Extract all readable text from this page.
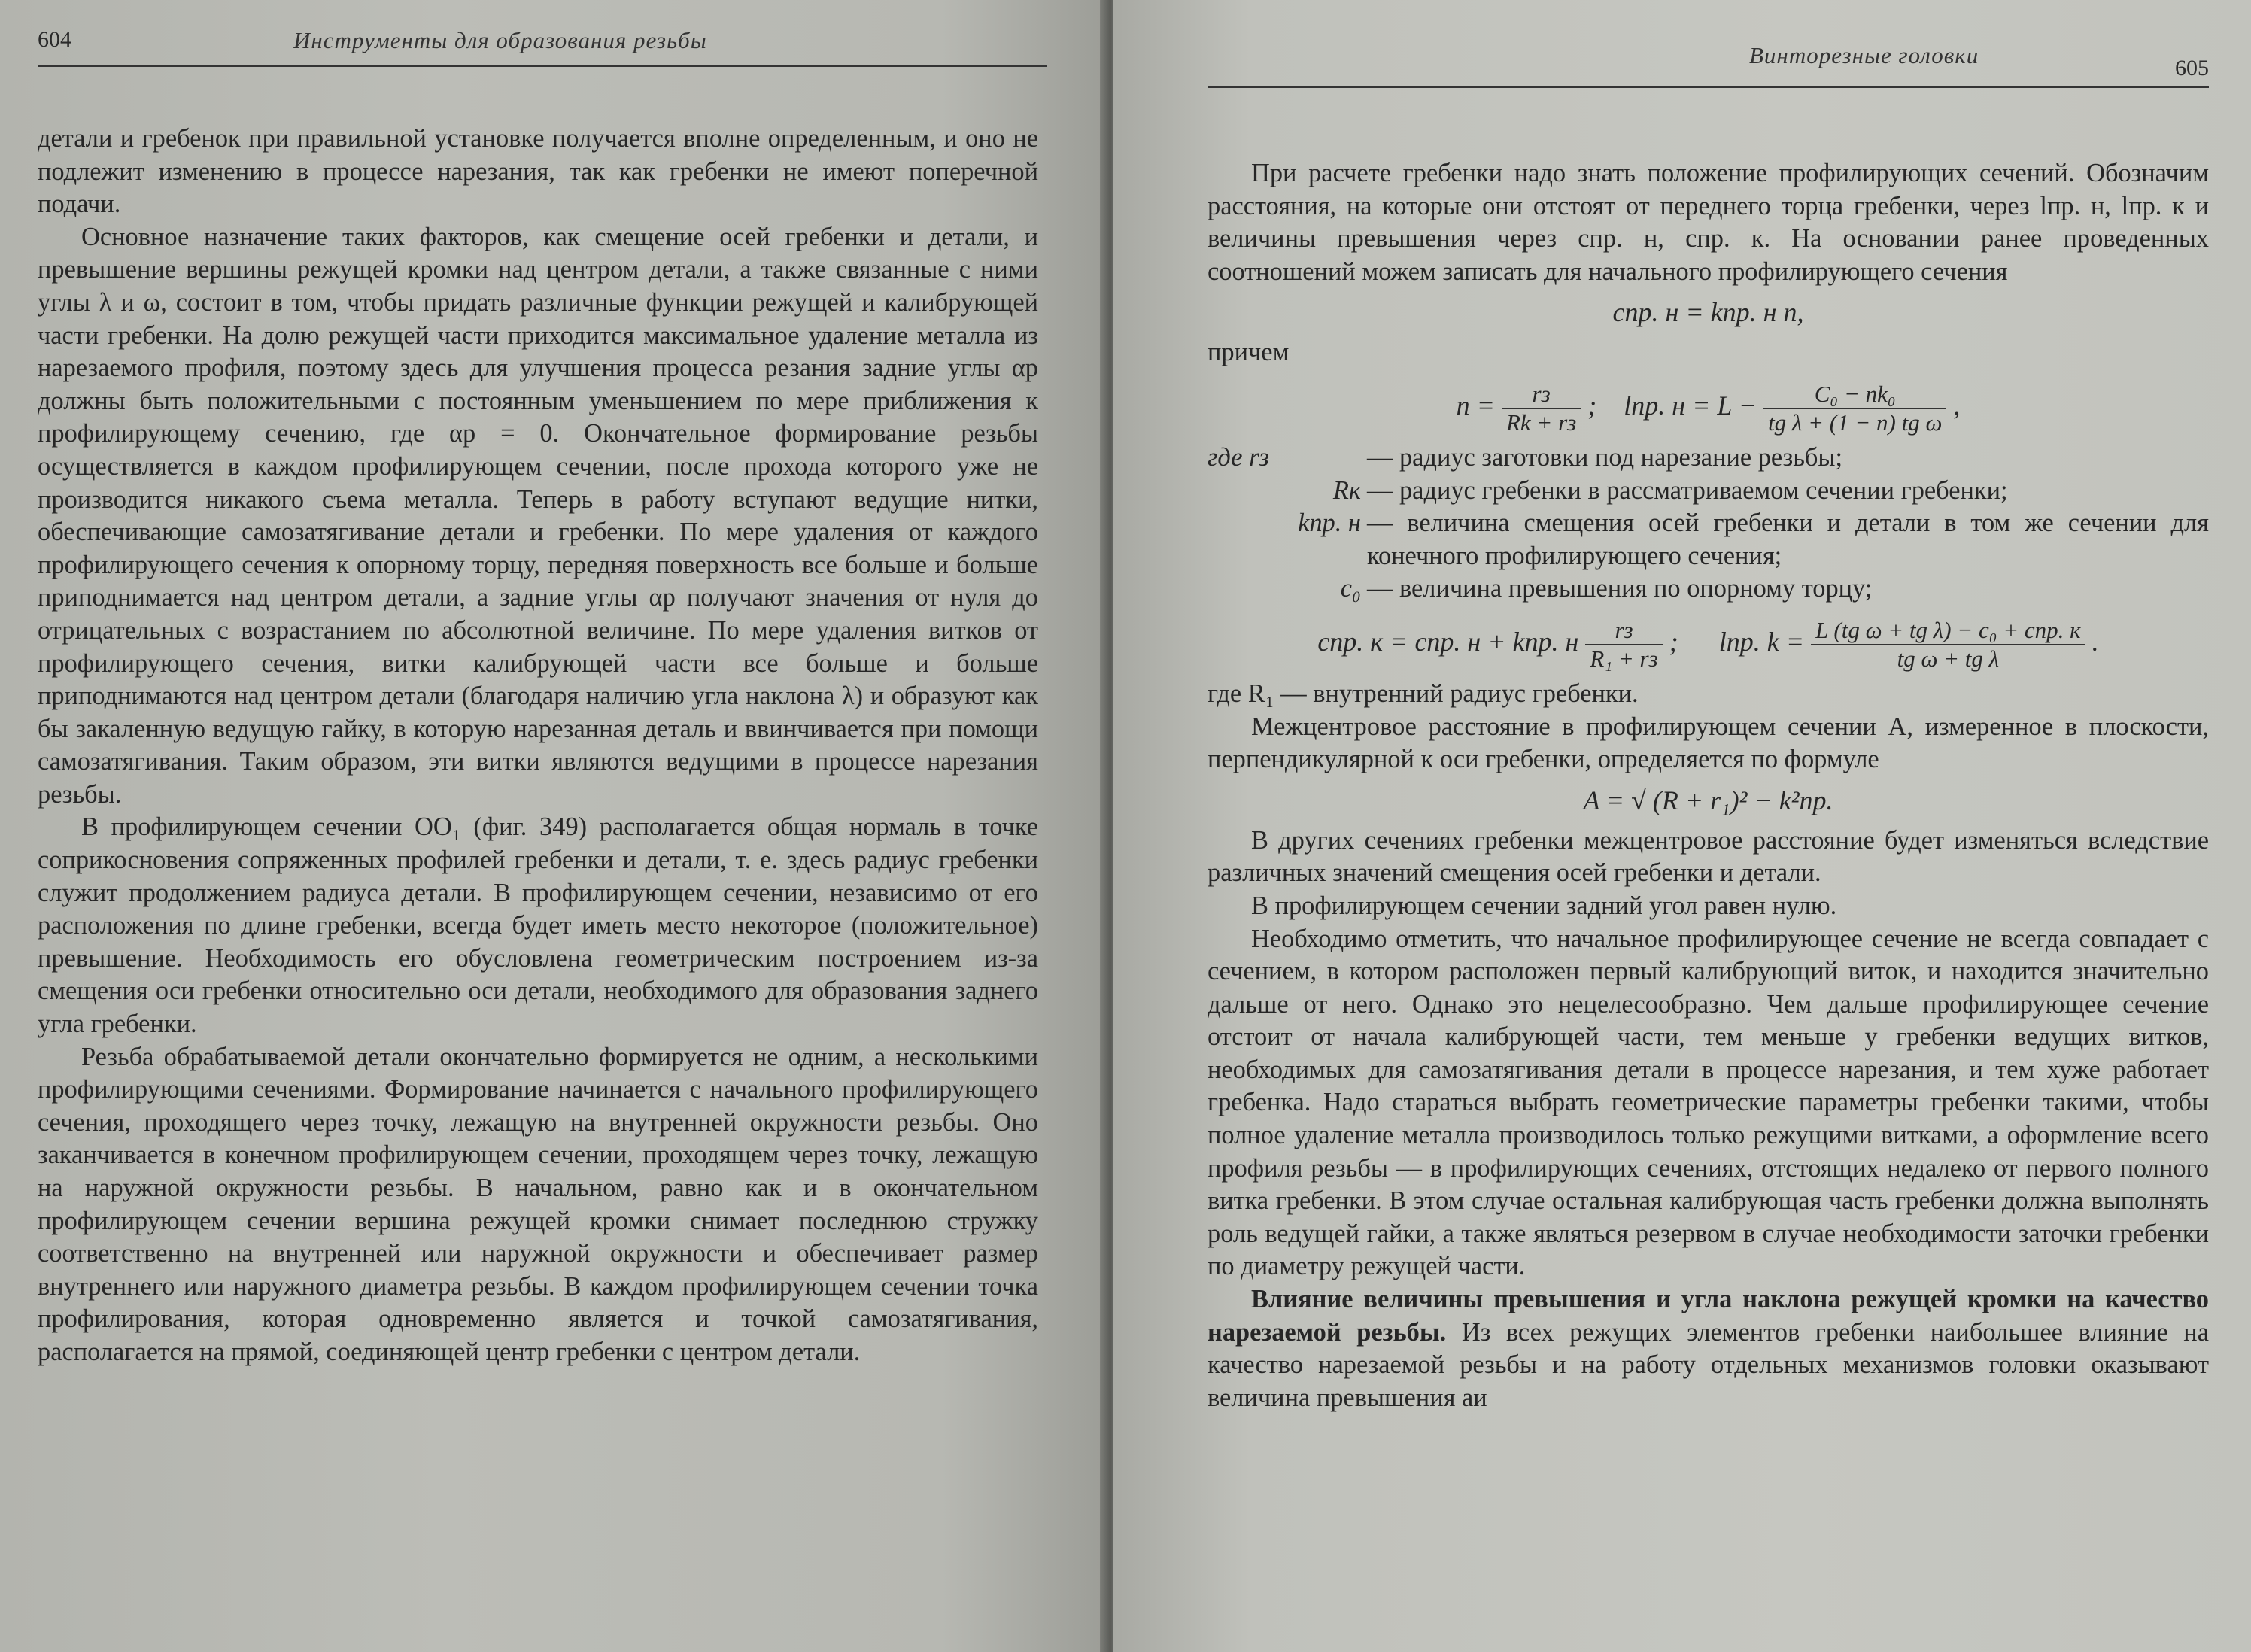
604	Инструменты для образования резьбы

детали и гребенок при правильной установке получается вполне определенным, и оно не подлежит изменению в процессе нарезания, так как гребенки не имеют поперечной подачи.

Основное назначение таких факторов, как смещение осей гребенки и детали, и превышение вершины режущей кромки над центром детали, а также связанные с ними углы λ и ω, состоит в том, чтобы придать различные функции режущей и калибрующей части гребенки. На долю режущей части приходится максимальное удаление металла из нарезаемого профиля, поэтому здесь для улучшения процесса резания задние углы αр должны быть положительными с постоянным уменьшением по мере приближения к профилирующему сечению, где αр = 0. Окончательное формирование резьбы осуществляется в каждом профилирующем сечении, после прохода которого уже не производится никакого съема металла. Теперь в работу вступают ведущие нитки, обеспечивающие самозатягивание детали и гребенки. По мере удаления от каждого профилирующего сечения к опорному торцу, передняя поверхность все больше и больше приподнимается над центром детали, а задние углы αр получают значения от нуля до отрицательных с возрастанием по абсолютной величине. По мере удаления витков от профилирующего сечения, витки калибрующей части все больше и больше приподнимаются над центром детали (благодаря наличию угла наклона λ) и образуют как бы закаленную ведущую гайку, в которую нарезанная деталь и ввинчивается при помощи самозатягивания. Таким образом, эти витки являются ведущими в процессе нарезания резьбы.

В профилирующем сечении OO₁ (фиг. 349) располагается общая нормаль в точке соприкосновения сопряженных профилей гребенки и детали, т. е. здесь радиус гребенки служит продолжением радиуса детали. В профилирующем сечении, независимо от его расположения по длине гребенки, всегда будет иметь место некоторое (положительное) превышение. Необходимость его обусловлена геометрическим построением из-за смещения оси гребенки относительно оси детали, необходимого для образования заднего угла гребенки.

Резьба обрабатываемой детали окончательно формируется не одним, а несколькими профилирующими сечениями. Формирование начинается с начального профилирующего сечения, проходящего через точку, лежащую на внутренней окружности резьбы. Оно заканчивается в конечном профилирующем сечении, проходящем через точку, лежащую на наружной окружности резьбы. В начальном, равно как и в окончательном профилирующем сечении вершина режущей кромки снимает последнюю стружку соответственно на внутренней или наружной окружности и обеспечивает размер внутреннего или наружного диаметра резьбы. В каждом профилирующем сечении точка профилирования, которая одновременно является и точкой самозатягивания, располагается на прямой, соединяющей центр гребенки с центром детали.

Винторезные головки	605

При расчете гребенки надо знать положение профилирующих сечений. Обозначим расстояния, на которые они отстоят от переднего торца гребенки, через lпр. н, lпр. к и величины превышения через cпр. н, cпр. к. На основании ранее проведенных соотношений можем записать для начального профилирующего сечения

cпр. н = kпр. н n,

причем

$n = \frac{rз}{Rk + rз}$ ; lпр. $н = L - \frac{\text{C₀ − nk₀}}{\text{tg λ + (1 − n) tg ω}}$ ,
где rз	— радиус заготовки под нарезание резьбы;
Rк — радиус гребенки в рассматриваемом сечении гребенки;
kпр. н — величина смещения осей гребенки и детали в том же сечении для конечного профилирующего сечения;
c₀ — величина превышения по опорному торцу;
cпр. к = cпр. н + kпр. н $\frac{rз}{\text{R₁ + rз}}$ ; lпр. $k = \frac{\text{L (tg ω + tg λ) − c₀ + cпр. к}}{\text{tg ω + tg λ}}$ .

где R₁ — внутренний радиус гребенки.

Межцентровое расстояние в профилирующем сечении A, измеренное в плоскости, перпендикулярной к оси гребенки, определяется по формуле

A = √ (R + r₁)² − k²пр.

В других сечениях гребенки межцентровое расстояние будет изменяться вследствие различных значений смещения осей гребенки и детали.

В профилирующем сечении задний угол равен нулю.

Необходимо отметить, что начальное профилирующее сечение не всегда совпадает с сечением, в котором расположен первый калибрующий виток, и находится значительно дальше от него. Однако это нецелесообразно. Чем дальше профилирующее сечение отстоит от начала калибрующей части, тем меньше у гребенки ведущих витков, необходимых для самозатягивания детали в процессе нарезания, и тем хуже работает гребенка. Надо стараться выбрать геометрические параметры гребенки такими, чтобы полное удаление металла производилось только режущими витками, а оформление всего профиля резьбы — в профилирующих сечениях, отстоящих недалеко от первого полного витка гребенки. В этом случае остальная калибрующая часть гребенки должна выполнять роль ведущей гайки, а также являться резервом в случае необходимости заточки гребенки по диаметру режущей части.

Влияние величины превышения и угла наклона режущей кромки на качество нарезаемой резьбы. Из всех режущих элементов гребенки наибольшее влияние на качество нарезаемой резьбы и на работу отдельных механизмов головки оказывают величина превышения aи
